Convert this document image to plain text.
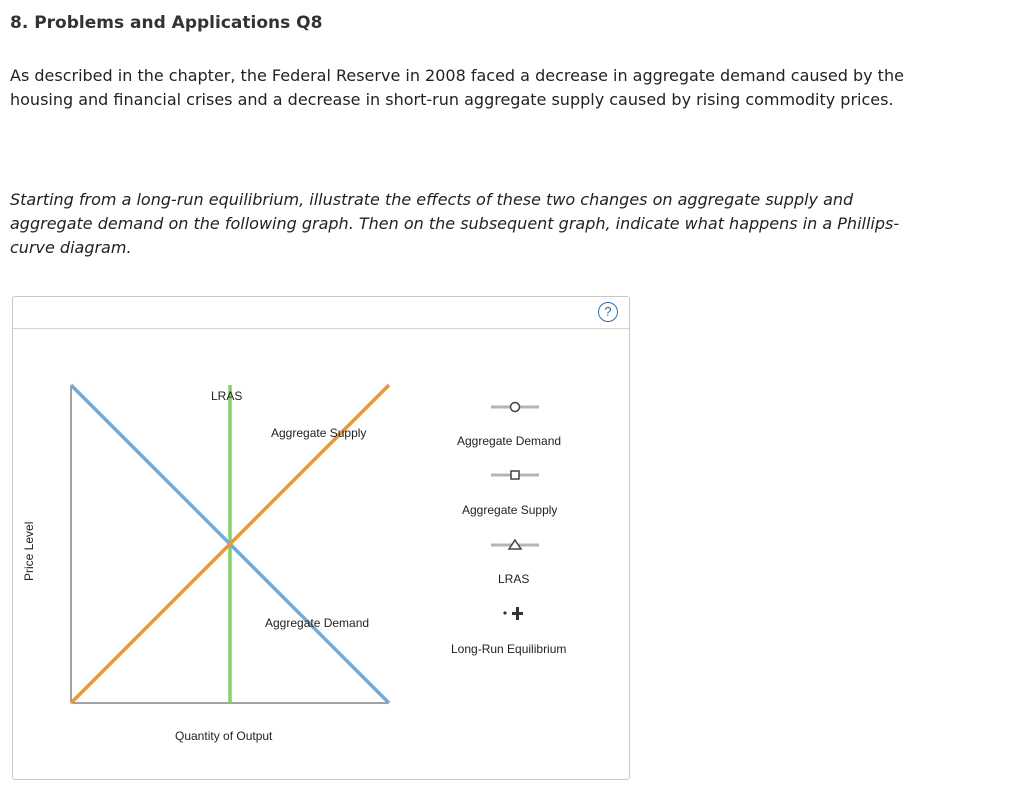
8. Problems and Applications Q8

As described in the chapter, the Federal Reserve in 2008 faced a decrease in aggregate demand caused by the housing and financial crises and a decrease in short-run aggregate supply caused by rising commodity prices.

Starting from a long-run equilibrium, illustrate the effects of these two changes on aggregate supply and aggregate demand on the following graph. Then on the subsequent graph, indicate what happens in a Phillips-curve diagram.

?
LRAS
Aggregate Supply
Aggregate Demand
Quantity of Output
Price Level
Aggregate Demand
Aggregate Supply
LRAS
Long-Run Equilibrium
